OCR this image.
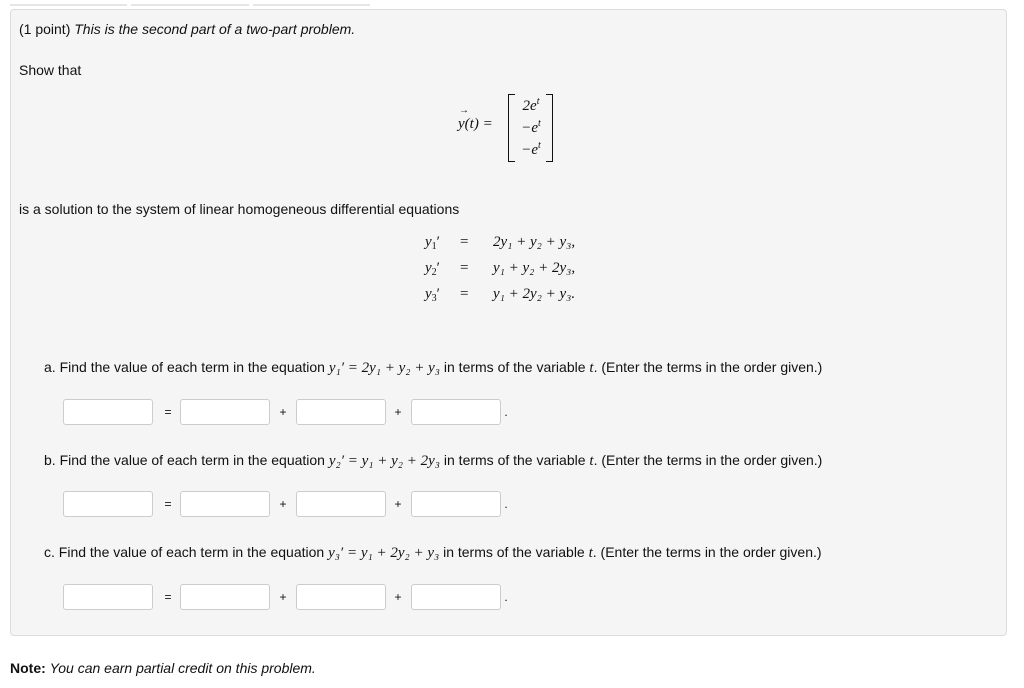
(1 point) This is the second part of a two-part problem.
Show that
→
y(t) =
$2e^t$
$-e^t$
$-e^t$
is a solution to the system of linear homogeneous differential equations
$y_1' = 2y_1 + y_2 + y_3$,
$y_2' = y_1 + y_2 + 2y_3$,
$y_3' = y_1 + 2y_2 + y_3$.
a. Find the value of each term in the equation y₁′ = 2y₁ + y₂ + y₃ in terms of the variable t. (Enter the terms in the order given.)
=	+	+	.
b. Find the value of each term in the equation y₂′ = y₁ + y₂ + 2y₃ in terms of the variable t. (Enter the terms in the order given.)
=	+	+	.
c. Find the value of each term in the equation y₃′ = y₁ + 2y₂ + y₃ in terms of the variable t. (Enter the terms in the order given.)
=	+	+	.
Note: You can earn partial credit on this problem.
